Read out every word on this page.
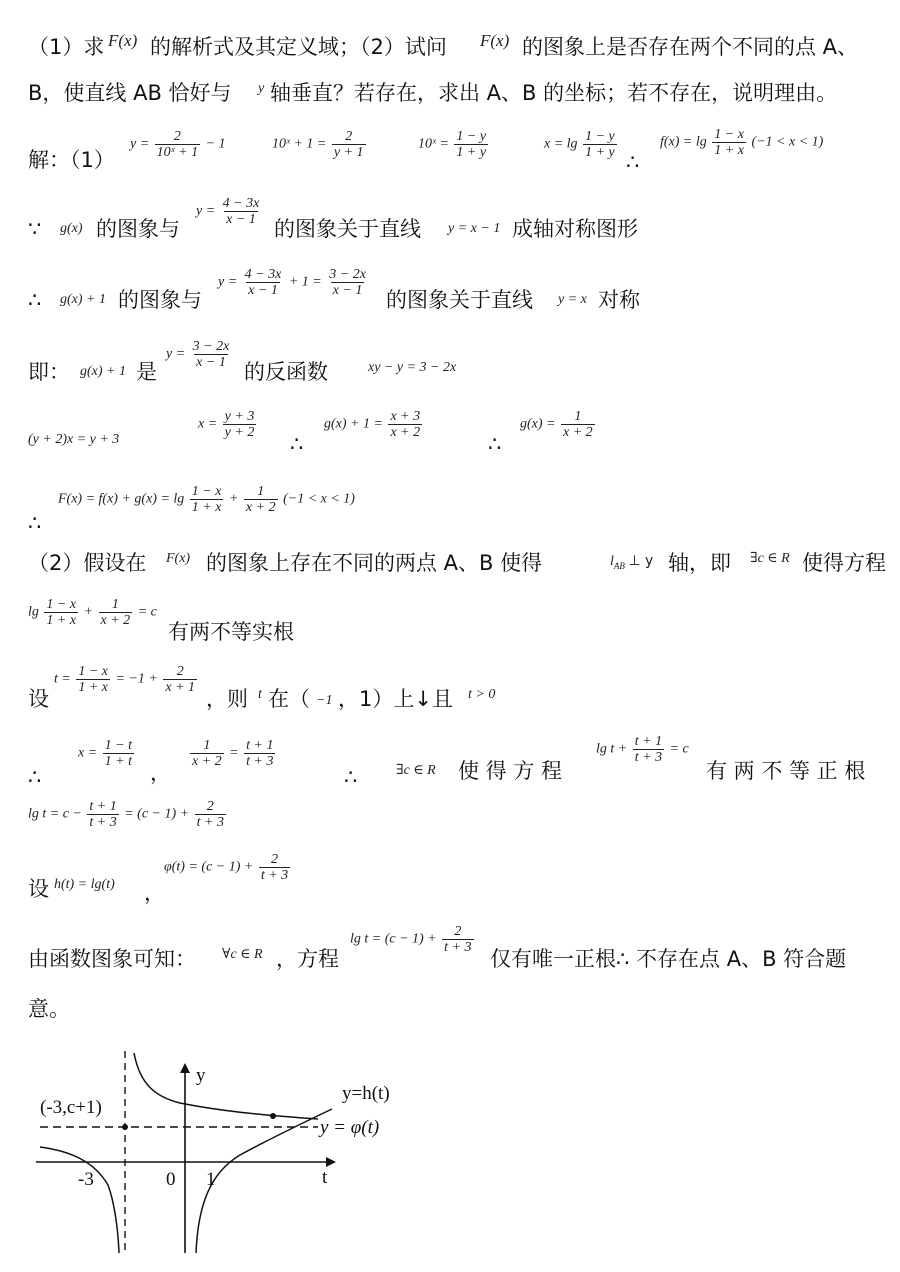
（1）求 F(x) 的解析式及其定义域；（2）试问 F(x) 的图象上是否存在两个不同的点 A、
B，使直线 AB 恰好与 y 轴垂直？若存在，求出 A、B 的坐标；若不存在，说明理由。
解：（1）
$y = \frac{2}{\text{10ˣ + 1}} - 1$	10ˣ + $1 = \frac{2}{y + 1}$	10ˣ = $\frac{1 - y}{1 + y}$	$x = \lg \frac{1 - y}{1 + y}$
∴
$f(x) = \lg \frac{1 - x}{1 + x} (-1 < x < 1)$
∵ g(x) 的图象与
$y = \frac{4 - 3x}{x - 1}$
的图象关于直线 y = x − 1 成轴对称图形
∴ g(x) + 1 的图象与
$y = \frac{4 - 3x}{x - 1} + 1 = \frac{3 - 2x}{x - 1}$
的图象关于直线 y = x 对称
即： g(x) + 1 是
$y = \frac{3 - 2x}{x - 1}$
的反函数	xy − y = 3 − 2x
(y + 2)x = y + 3
$x = \frac{y + 3}{y + 2}$
∴
$g(x) + 1 = \frac{x + 3}{x + 2}$
∴
$g(x) = \frac{1}{x + 2}$
∴
$F(x) = f(x) + g(x) = \lg \frac{1 - x}{1 + x} + \frac{1}{x + 2} (-1 < x < 1)$
（2）假设在 F(x) 的图象上存在不同的两点 A、B 使得	$l_{AB}$ ⊥ y 轴，即 ∃c ∈ R 使得方程
$\lg \frac{1 - x}{1 + x} + \frac{1}{x + 2} = c$
有两不等实根
设
$t = \frac{1 - x}{1 + x} = -1 + \frac{2}{x + 1}$
，则 t 在（ −1 ，1）上↓且 t > 0
∴
$x = \frac{1 - t}{1 + t}$
，
$\frac{1}{x + 2} = \frac{t + 1}{t + 3}$
∴	∃c ∈ R 使 得 方 程
$\lg t + \frac{t + 1}{t + 3} = c$
有 两 不 等 正 根
$\lg t = c - \frac{t + 1}{t + 3} = (c - 1) + \frac{2}{t + 3}$
设 h(t) = lg(t) ，
$\varphi(t) = (c - 1) + \frac{2}{t + 3}$
由函数图象可知： ∀c ∈ R ，方程
$\lg t = (c - 1) + \frac{2}{t + 3}$
仅有唯一正根∴ 不存在点 A、B 符合题
意。
y
t
(-3,c+1)
y=h(t)
y = φ(t)
-3	0 1
